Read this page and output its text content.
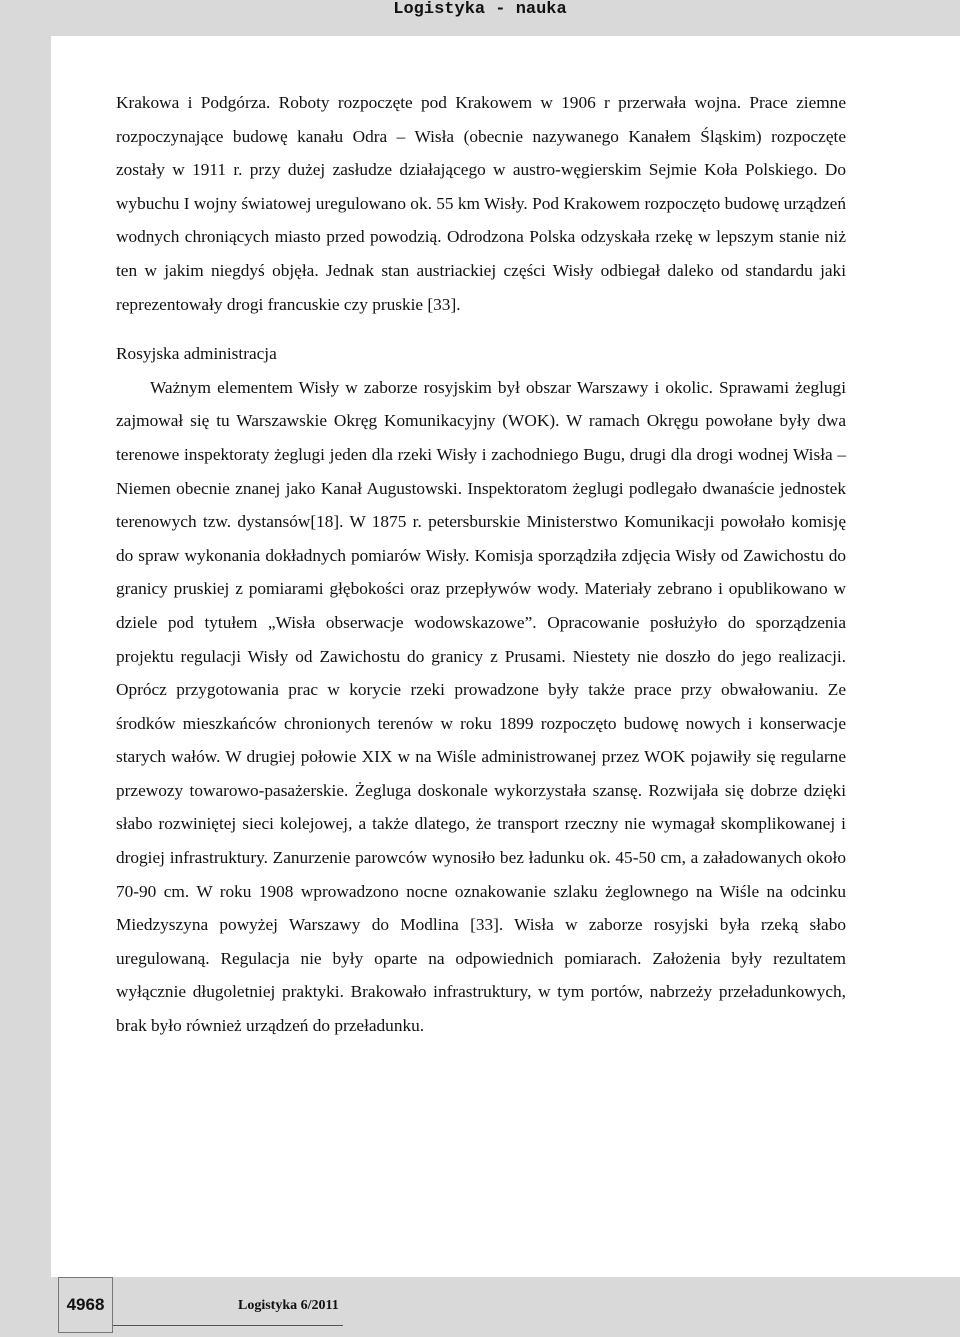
Logistyka - nauka

Krakowa i Podgórza. Roboty rozpoczęte pod Krakowem w 1906 r przerwała wojna. Prace ziemne rozpoczynające budowę kanału Odra – Wisła (obecnie nazywanego Kanałem Śląskim) rozpoczęte zostały w 1911 r. przy dużej zasłudze działającego w austro-węgierskim Sejmie Koła Polskiego. Do wybuchu I wojny światowej uregulowano ok. 55 km Wisły. Pod Krakowem rozpoczęto budowę urządzeń wodnych chroniących miasto przed powodzią. Odrodzona Polska odzyskała rzekę w lepszym stanie niż ten w jakim niegdyś objęła. Jednak stan austriackiej części Wisły odbiegał daleko od standardu jaki reprezentowały drogi francuskie czy pruskie [33].

Rosyjska administracja

Ważnym elementem Wisły w zaborze rosyjskim był obszar Warszawy i okolic. Sprawami żeglugi zajmował się tu Warszawskie Okręg Komunikacyjny (WOK). W ramach Okręgu powołane były dwa terenowe inspektoraty żeglugi jeden dla rzeki Wisły i zachodniego Bugu, drugi dla drogi wodnej Wisła – Niemen obecnie znanej jako Kanał Augustowski. Inspektoratom żeglugi podlegało dwanaście jednostek terenowych tzw. dystansów[18]. W 1875 r. petersburskie Ministerstwo Komunikacji powołało komisję do spraw wykonania dokładnych pomiarów Wisły. Komisja sporządziła zdjęcia Wisły od Zawichostu do granicy pruskiej z pomiarami głębokości oraz przepływów wody. Materiały zebrano i opublikowano w dziele pod tytułem „Wisła obserwacje wodowskazowe”. Opracowanie posłużyło do sporządzenia projektu regulacji Wisły od Zawichostu do granicy z Prusami. Niestety nie doszło do jego realizacji. Oprócz przygotowania prac w korycie rzeki prowadzone były także prace przy obwałowaniu. Ze środków mieszkańców chronionych terenów w roku 1899 rozpoczęto budowę nowych i konserwacje starych wałów. W drugiej połowie XIX w na Wiśle administrowanej przez WOK pojawiły się regularne przewozy towarowo-pasażerskie. Żegluga doskonale wykorzystała szansę. Rozwijała się dobrze dzięki słabo rozwiniętej sieci kolejowej, a także dlatego, że transport rzeczny nie wymagał skomplikowanej i drogiej infrastruktury. Zanurzenie parowców wynosiło bez ładunku ok. 45-50 cm, a załadowanych około 70-90 cm. W roku 1908 wprowadzono nocne oznakowanie szlaku żeglownego na Wiśle na odcinku Miedzyszyna powyżej Warszawy do Modlina [33]. Wisła w zaborze rosyjski była rzeką słabo uregulowaną. Regulacja nie były oparte na odpowiednich pomiarach. Założenia były rezultatem wyłącznie długoletniej praktyki. Brakowało infrastruktury, w tym portów, nabrzeży przeładunkowych, brak było również urządzeń do przeładunku.

4968	Logistyka 6/2011
